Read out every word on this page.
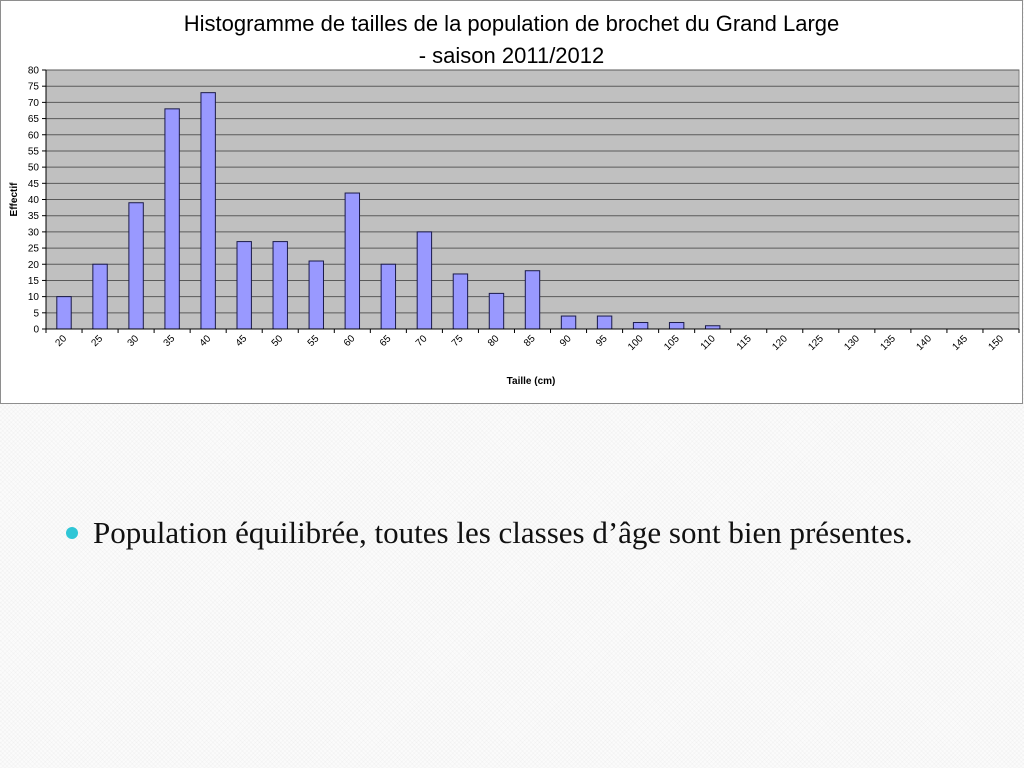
Histogramme de tailles de la population de brochet du Grand Large
- saison 2011/2012
0
5
10
15
20
25
30
35
40
45
50
55
60
65
70
75
80
20 25 30 35 40 45 50 55 60 65 70 75 80 85 90 95 100 105 110 115 120 125 130 135 140 145 150
Effectif
Taille (cm)
Population équilibrée, toutes les classes d’âge sont bien présentes.
